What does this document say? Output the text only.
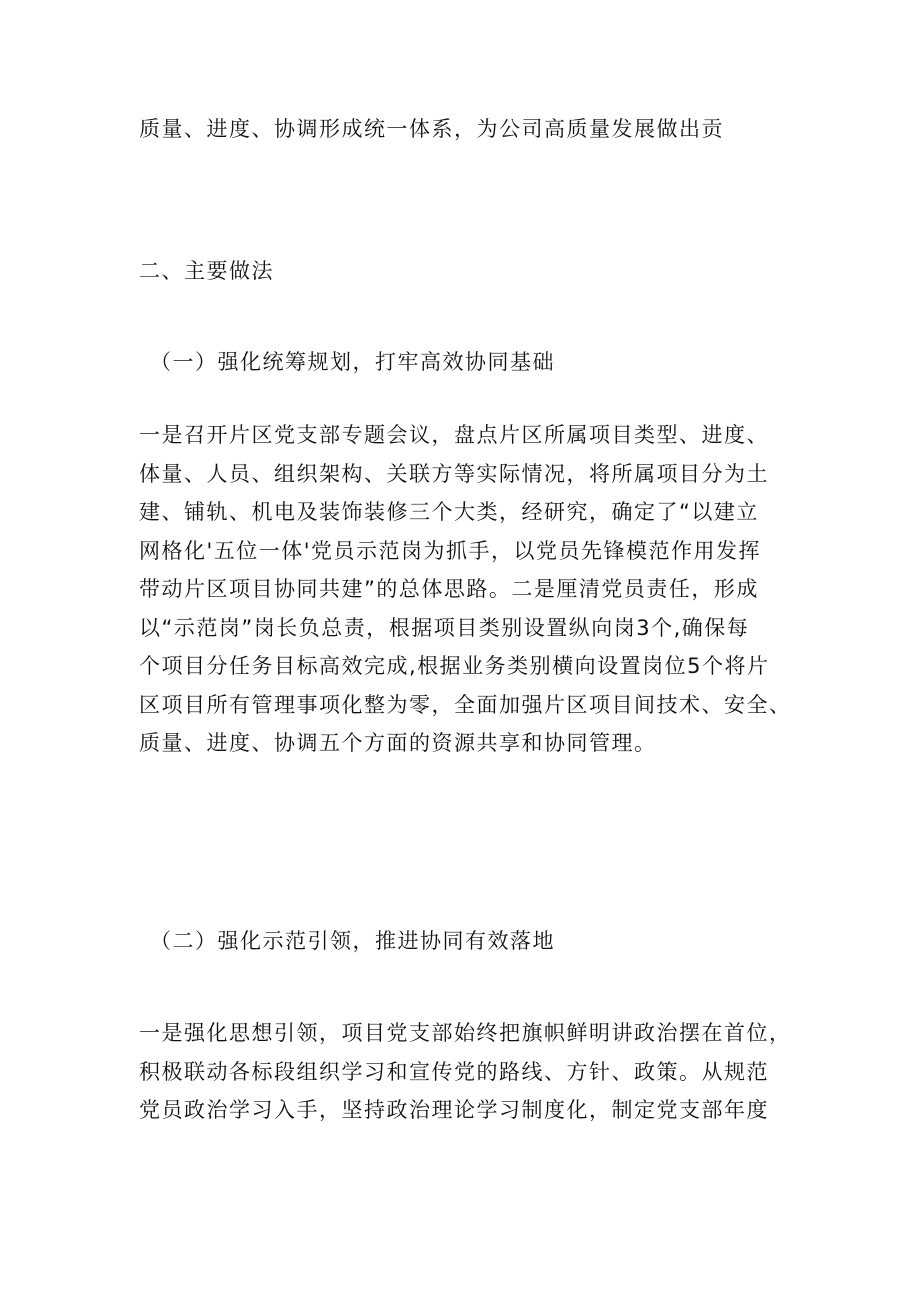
质量、进度、协调形成统一体系，为公司高质量发展做出贡
二、主要做法
（一）强化统筹规划，打牢高效协同基础
一是召开片区党支部专题会议，盘点片区所属项目类型、进度、
体量、人员、组织架构、关联方等实际情况，将所属项目分为土
建、铺轨、机电及装饰装修三个大类，经研究，确定了“以建立
网格化'五位一体'党员示范岗为抓手，以党员先锋模范作用发挥
带动片区项目协同共建”的总体思路。二是厘清党员责任，形成
以“示范岗”岗长负总责，根据项目类别设置纵向岗3个,确保每
个项目分任务目标高效完成,根据业务类别横向设置岗位5个将片
区项目所有管理事项化整为零，全面加强片区项目间技术、安全、
质量、进度、协调五个方面的资源共享和协同管理。
（二）强化示范引领，推进协同有效落地
一是强化思想引领，项目党支部始终把旗帜鲜明讲政治摆在首位，
积极联动各标段组织学习和宣传党的路线、方针、政策。从规范
党员政治学习入手，坚持政治理论学习制度化，制定党支部年度
